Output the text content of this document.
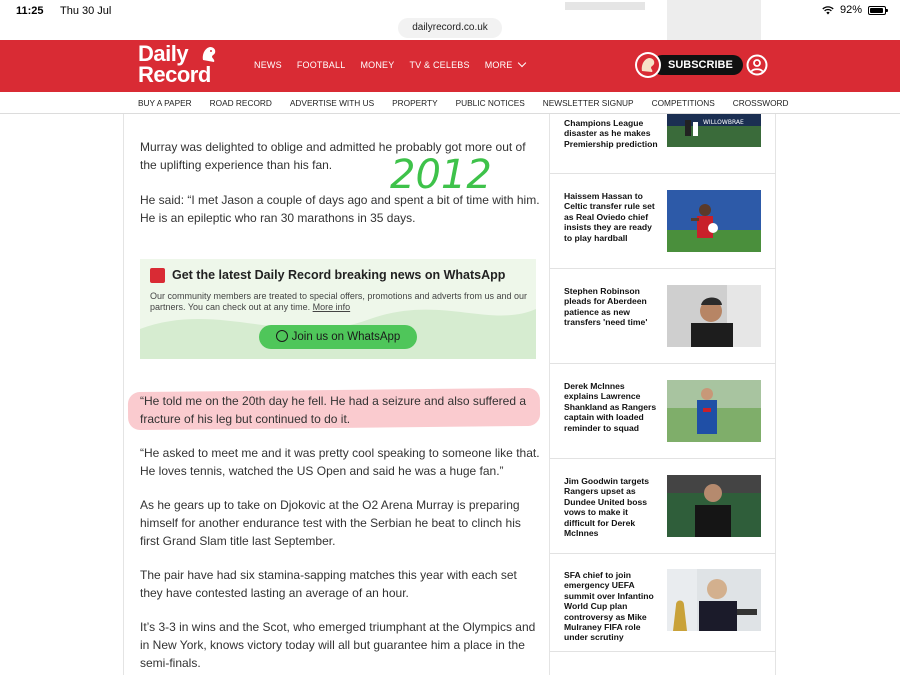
11:25 Thu 30 Jul	92%
dailyrecord.co.uk
Daily
Record	NEWS FOOTBALL MONEY TV & CELEBS MORE	SUBSCRIBE
BUY A PAPER ROAD RECORD ADVERTISE WITH US PROPERTY PUBLIC NOTICES NEWSLETTER SIGNUP COMPETITIONS CROSSWORD

Murray was delighted to oblige and admitted he probably got more out of the uplifting experience than his fan.

He said: “I met Jason a couple of days ago and spent a bit of time with him. He is an epileptic who ran 30 marathons in 35 days.

Get the latest Daily Record breaking news on WhatsApp
Our community members are treated to special offers, promotions and adverts from us and our partners. You can check out at any time. More info
Join us on WhatsApp

“He told me on the 20th day he fell. He had a seizure and also suffered a fracture of his leg but continued to do it.

“He asked to meet me and it was pretty cool speaking to someone like that. He loves tennis, watched the US Open and said he was a huge fan.”

As he gears up to take on Djokovic at the O2 Arena Murray is preparing himself for another endurance test with the Serbian he beat to clinch his first Grand Slam title last September.

The pair have had six stamina-sapping matches this year with each set they have contested lasting an average of an hour.

It’s 3-3 in wins and the Scot, who emerged triumphant at the Olympics and in New York, knows victory today will all but guarantee him a place in the semi-finals.

2012
Champions League disaster as he makes Premiership prediction
WILLOWBRAE
Haissem Hassan to Celtic transfer rule set as Real Oviedo chief insists they are ready to play hardball
Stephen Robinson pleads for Aberdeen patience as new transfers 'need time'
Derek McInnes explains Lawrence Shankland as Rangers captain with loaded reminder to squad
Jim Goodwin targets Rangers upset as Dundee United boss vows to make it difficult for Derek McInnes
SFA chief to join emergency UEFA summit over Infantino World Cup plan controversy as Mike Mulraney FIFA role under scrutiny
